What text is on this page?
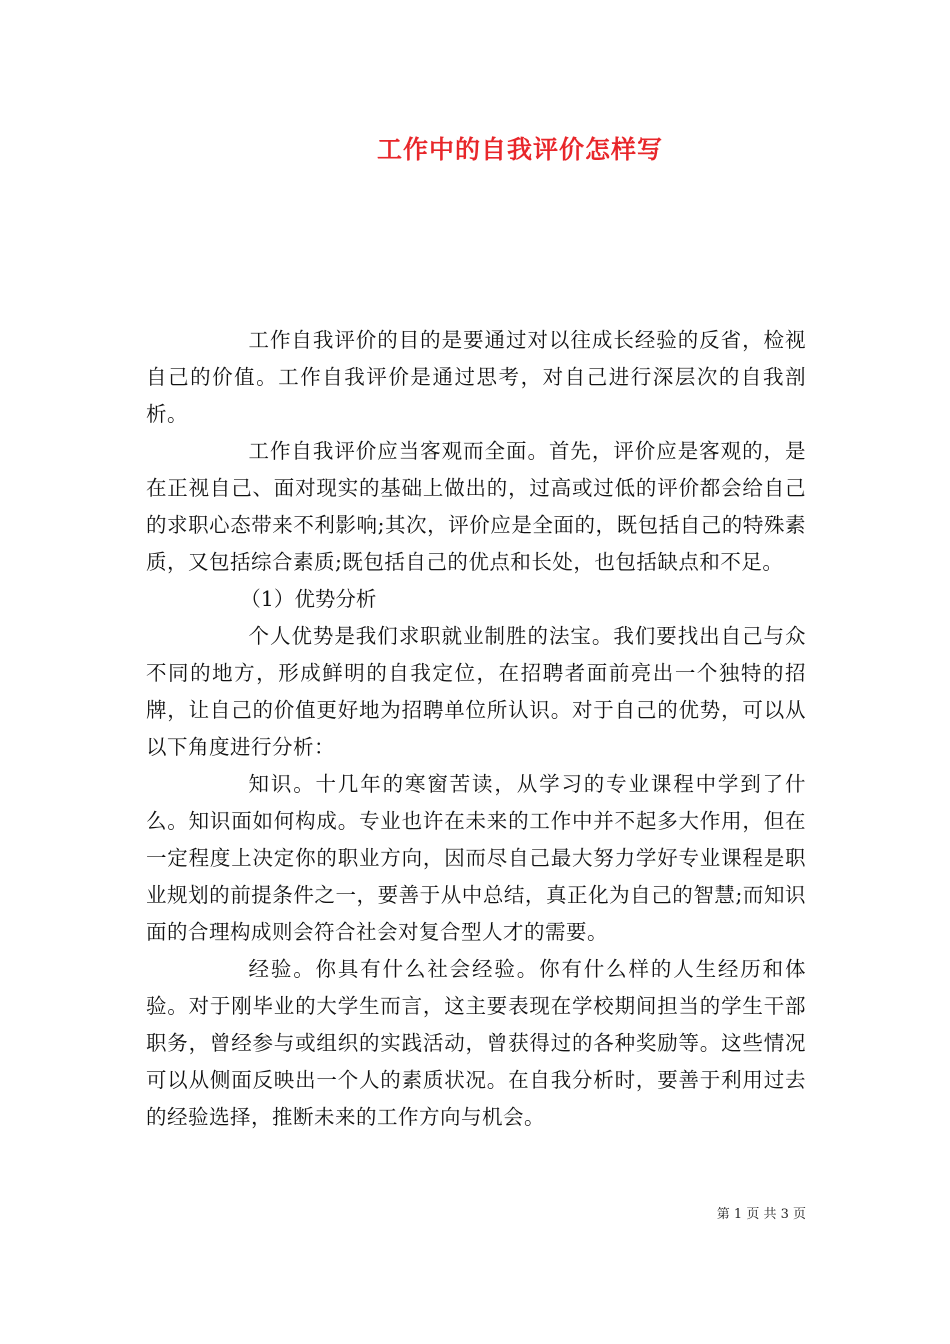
工作中的自我评价怎样写

工作自我评价的目的是要通过对以往成长经验的反省，检视自己的价值。工作自我评价是通过思考，对自己进行深层次的自我剖析。

工作自我评价应当客观而全面。首先，评价应是客观的，是在正视自己、面对现实的基础上做出的，过高或过低的评价都会给自己的求职心态带来不利影响;其次，评价应是全面的，既包括自己的特殊素质，又包括综合素质;既包括自己的优点和长处，也包括缺点和不足。

（1）优势分析

个人优势是我们求职就业制胜的法宝。我们要找出自己与众不同的地方，形成鲜明的自我定位，在招聘者面前亮出一个独特的招牌，让自己的价值更好地为招聘单位所认识。对于自己的优势，可以从以下角度进行分析：

知识。十几年的寒窗苦读，从学习的专业课程中学到了什么。知识面如何构成。专业也许在未来的工作中并不起多大作用，但在一定程度上决定你的职业方向，因而尽自己最大努力学好专业课程是职业规划的前提条件之一，要善于从中总结，真正化为自己的智慧;而知识面的合理构成则会符合社会对复合型人才的需要。

经验。你具有什么社会经验。你有什么样的人生经历和体验。对于刚毕业的大学生而言，这主要表现在学校期间担当的学生干部职务，曾经参与或组织的实践活动，曾获得过的各种奖励等。这些情况可以从侧面反映出一个人的素质状况。在自我分析时，要善于利用过去的经验选择，推断未来的工作方向与机会。

第 1 页 共 3 页
